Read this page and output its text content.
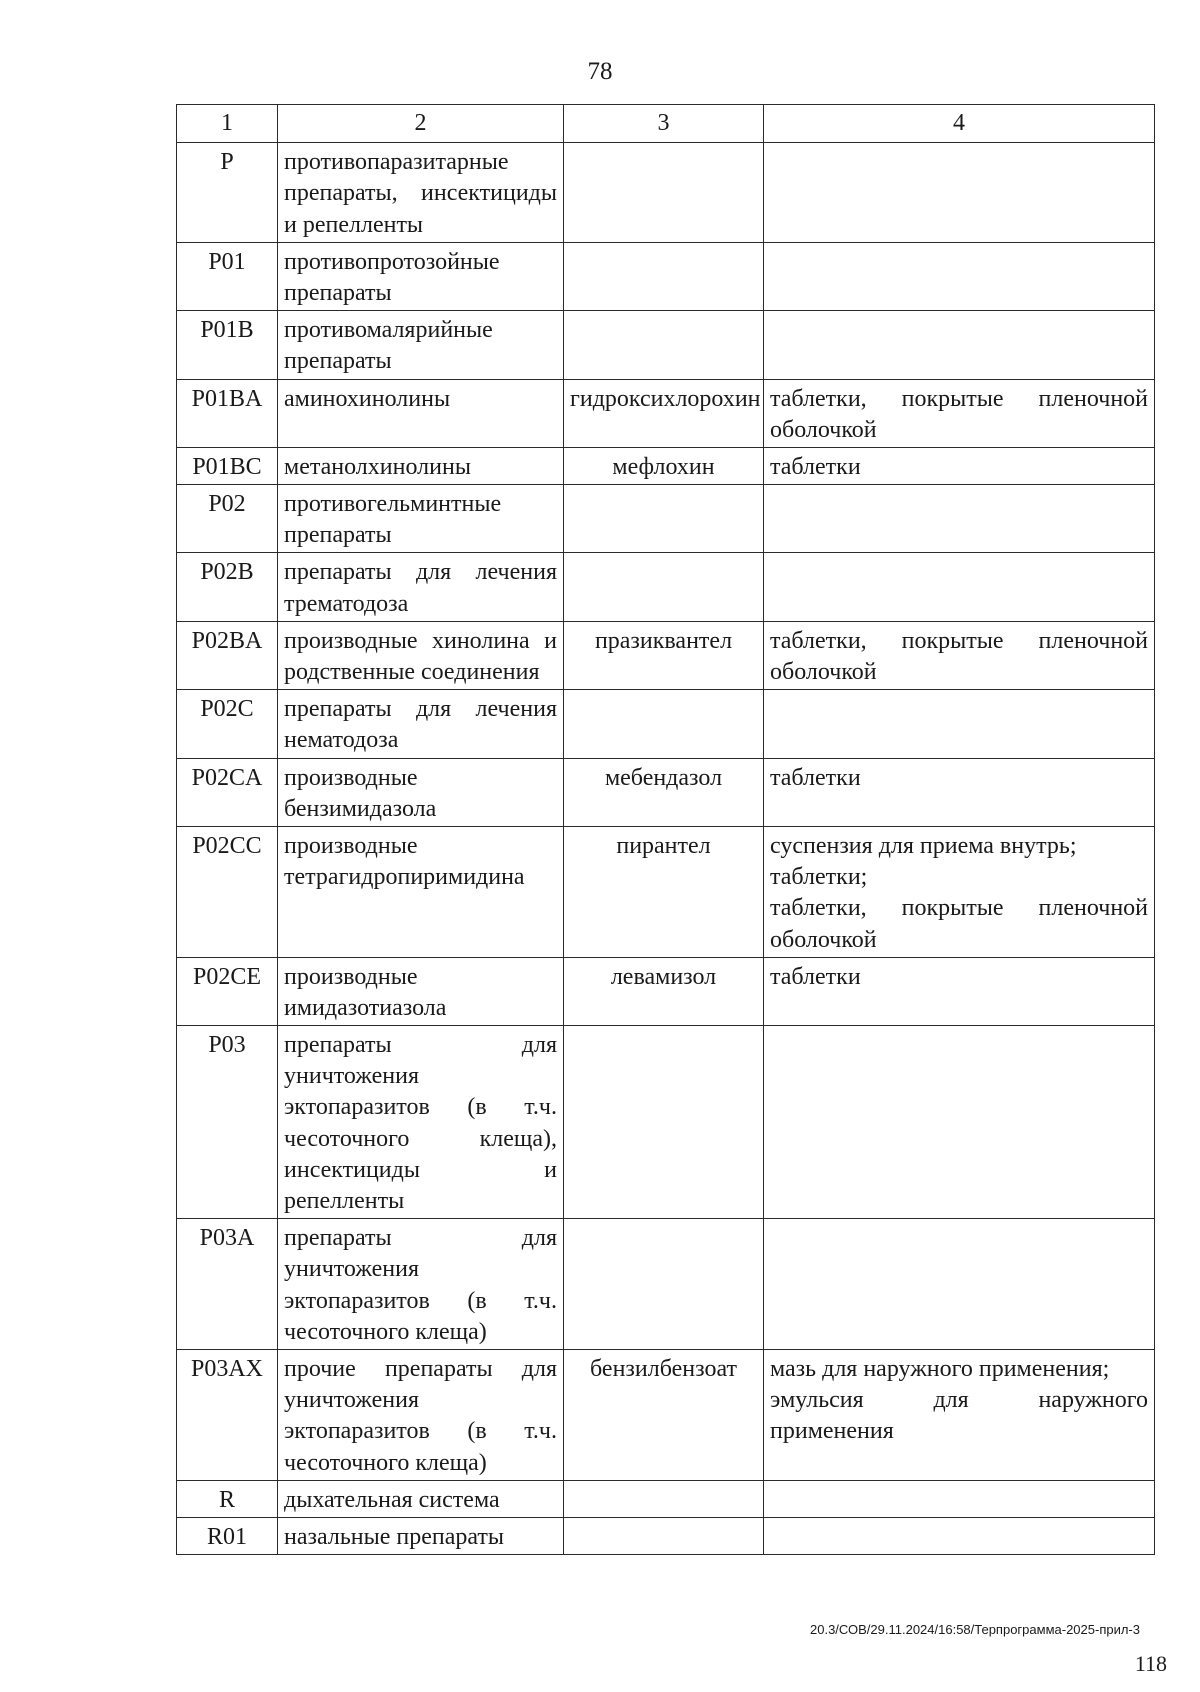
78
1	2	3	4
P	противопаразитарные препараты, инсектициды и репелленты		
P01	противопротозойные препараты		
P01B	противомалярийные препараты		
P01BA	аминохинолины	гидроксихлорохин	таблетки, покрытые пленочной оболочкой

P01BC	метанолхинолины	мефлохин	таблетки

P02	противогельминтные препараты		
P02B	препараты для лечения трематодоза		
P02BA	производные хинолина и родственные соединения	празиквантел	таблетки, покрытые пленочной оболочкой

P02C	препараты для лечения нематодоза		
P02CA	производные бензимидазола	мебендазол	таблетки

P02CC	производные тетрагидропиримидина	пирантел	суспензия для приема внутрь;
таблетки;
таблетки, покрытые пленочной оболочкой

P02CE	производные имидазотиазола	левамизол	таблетки

P03	препараты для уничтожения эктопаразитов (в т.ч. чесоточного клеща), инсектициды и репелленты		
P03A	препараты для уничтожения эктопаразитов (в т.ч. чесоточного клеща)		
P03AX	прочие препараты для уничтожения эктопаразитов (в т.ч. чесоточного клеща)	бензилбензоат	мазь для наружного применения;
эмульсия для наружного применения

R	дыхательная система		
R01	назальные препараты		
20.3/СОВ/29.11.2024/16:58/Терпрограмма-2025-прил-3
118
